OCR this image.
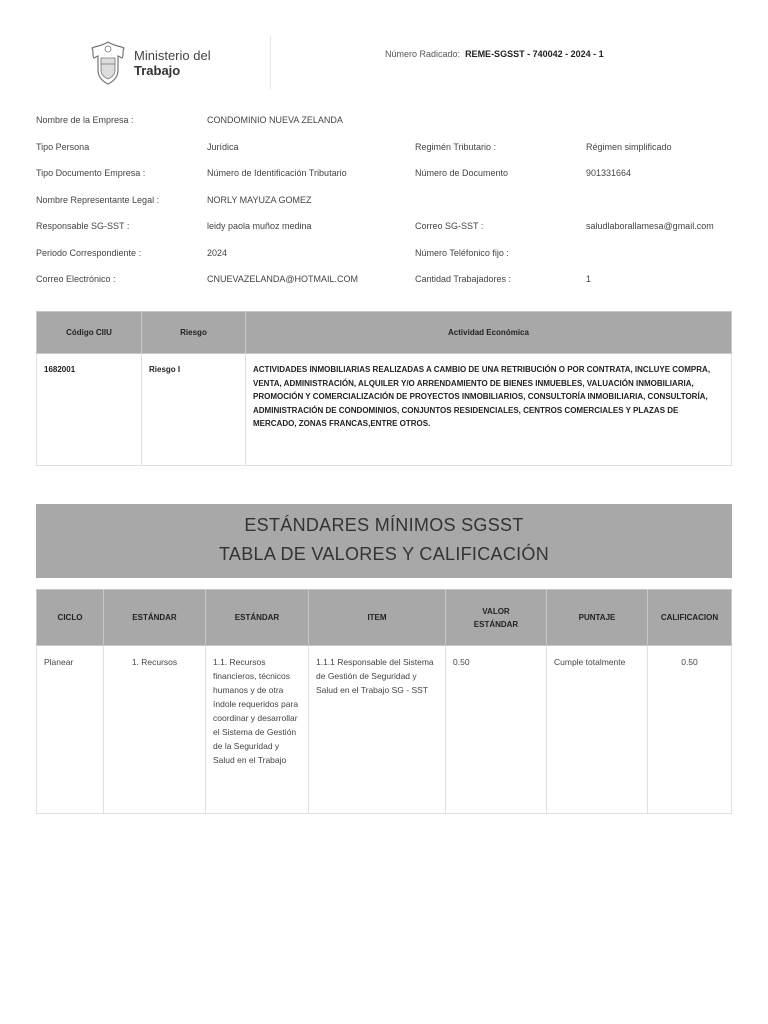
Ministerio del
Trabajo
Número Radicado: REME-SGSST - 740042 - 2024 - 1
Nombre de la Empresa :	CONDOMINIO NUEVA ZELANDA
Tipo Persona	Jurídica	Regimén Tributario :	Régimen simplificado
Tipo Documento Empresa :	Número de Identificación Tributario	Número de Documento	901331664
Nombre Representante Legal :	NORLY MAYUZA GOMEZ
Responsable SG-SST :	leidy paola muñoz medina	Correo SG-SST :	saludlaborallamesa@gmail.com
Periodo Correspondiente :	2024	Número Teléfonico fijo :
Correo Electrónico :	CNUEVAZELANDA@HOTMAIL.COM	Cantidad Trabajadores :	1
Código CIIU	Riesgo	Actividad Económica
1682001	Riesgo I	ACTIVIDADES INMOBILIARIAS REALIZADAS A CAMBIO DE UNA RETRIBUCIÓN O POR CONTRATA, INCLUYE COMPRA, VENTA, ADMINISTRACIÓN, ALQUILER Y/O ARRENDAMIENTO DE BIENES INMUEBLES, VALUACIÓN INMOBILIARIA, PROMOCIÓN Y COMERCIALIZACIÓN DE PROYECTOS INMOBILIARIOS, CONSULTORÍA INMOBILIARIA, CONSULTORÍA, ADMINISTRACIÓN DE CONDOMINIOS, CONJUNTOS RESIDENCIALES, CENTROS COMERCIALES Y PLAZAS DE MERCADO, ZONAS FRANCAS,ENTRE OTROS.
ESTÁNDARES MÍNIMOS SGSST
TABLA DE VALORES Y CALIFICACIÓN
CICLO	ESTÁNDAR	ESTÁNDAR	ITEM	VALOR ESTÁNDAR	PUNTAJE	CALIFICACION
Planear	1. Recursos	1.1. Recursos financieros, técnicos humanos y de otra índole requeridos para coordinar y desarrollar el Sistema de Gestión de la Seguridad y Salud en el Trabajo	1.1.1 Responsable del Sistema de Gestión de Seguridad y Salud en el Trabajo SG - SST	0.50	Cumple totalmente	0.50
